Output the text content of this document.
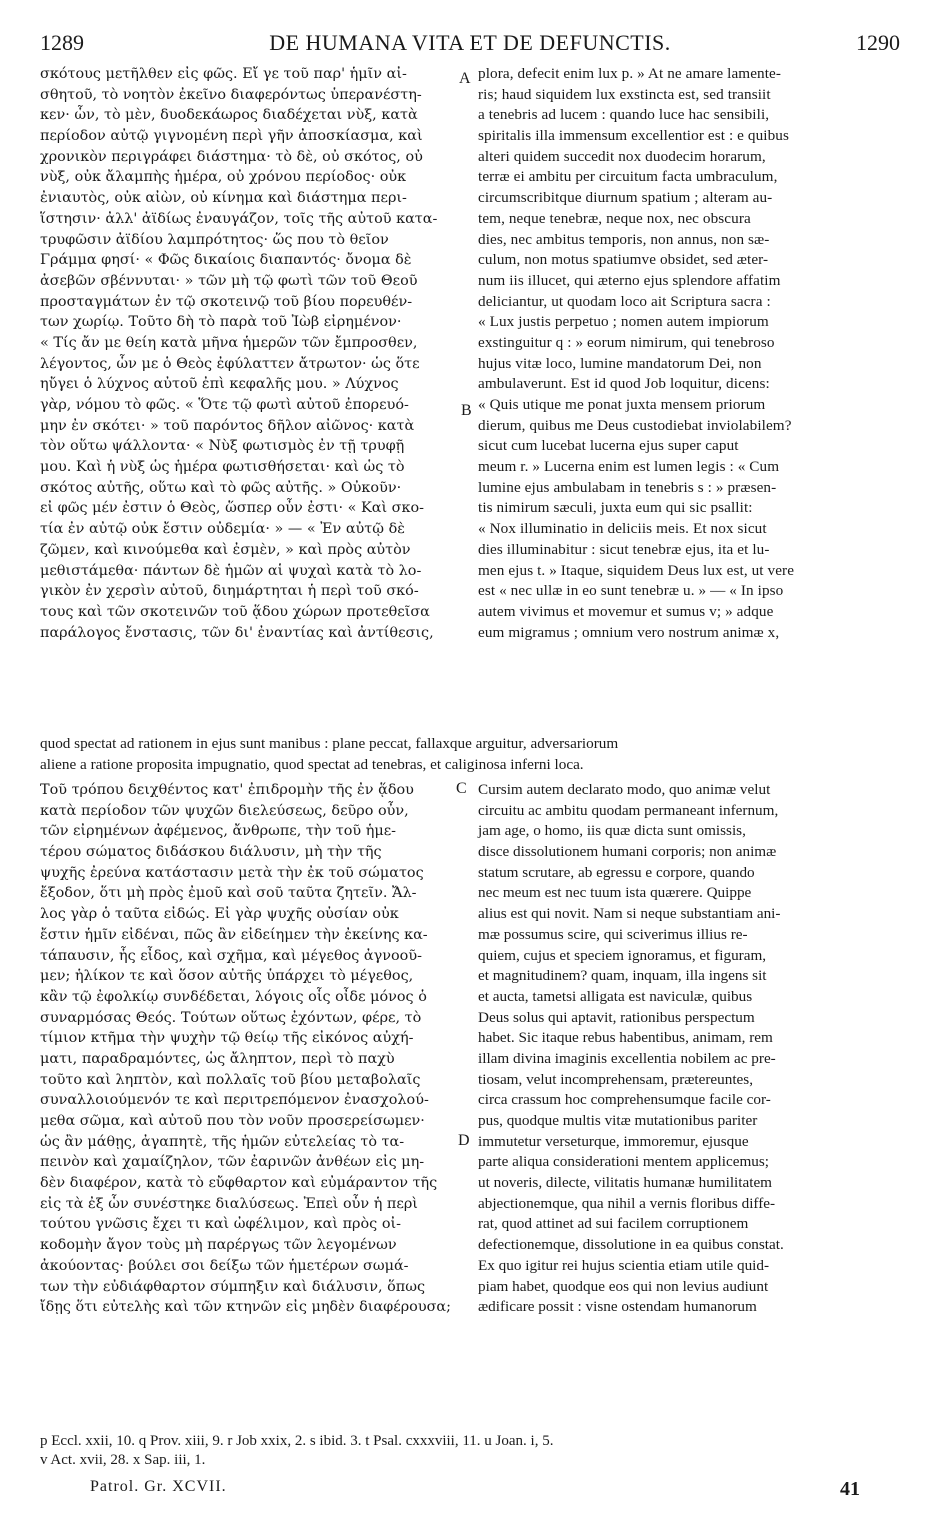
1289	DE HUMANA VITA ET DE DEFUNCTIS.	1290
σκότους μετῆλθεν εἰς φῶς. Εἴ γε τοῦ παρ' ἡμῖν αἰ-
σθητοῦ, τὸ νοητὸν ἐκεῖνο διαφερόντως ὑπερανέστη-
κεν· ὧν, τὸ μὲν, δυοδεκάωρος διαδέχεται νὺξ, κατὰ
περίοδον αὐτῷ γιγνομένη περὶ γῆν ἀποσκίασμα, καὶ
χρονικὸν περιγράφει διάστημα· τὸ δὲ, οὐ σκότος, οὐ
νὺξ, οὐκ ἄλαμπὴς ἡμέρα, οὐ χρόνου περίοδος· οὐκ
ἐνιαυτὸς, οὐκ αἰὼν, οὐ κίνημα καὶ διάστημα περι-
ἵστησιν· ἀλλ' ἀϊδίως ἐναυγάζον, τοῖς τῆς αὐτοῦ κατα-
τρυφῶσιν ἀϊδίου λαμπρότητος· ὥς που τὸ θεῖον
Γράμμα φησί· « Φῶς δικαίοις διαπαντός· ὄνομα δὲ
ἀσεβῶν σβέννυται· » τῶν μὴ τῷ φωτὶ τῶν τοῦ Θεοῦ
προσταγμάτων ἐν τῷ σκοτεινῷ τοῦ βίου πορευθέν-
των χωρίῳ. Τοῦτο δὴ τὸ παρὰ τοῦ Ἰὼβ εἰρημένον·
« Τίς ἄν με θείη κατὰ μῆνα ἡμερῶν τῶν ἔμπροσθεν,
λέγοντος, ὧν με ὁ Θεὸς ἐφύλαττεν ἄτρωτον· ὡς ὅτε
ηὔγει ὁ λύχνος αὐτοῦ ἐπὶ κεφαλῆς μου. » Λύχνος
γὰρ, νόμου τὸ φῶς. « Ὅτε τῷ φωτὶ αὐτοῦ ἐπορευό-
μην ἐν σκότει· » τοῦ παρόντος δῆλον αἰῶνος· κατὰ
τὸν οὕτω ψάλλοντα· « Νὺξ φωτισμὸς ἐν τῇ τρυφῇ
μου. Καὶ ἡ νὺξ ὡς ἡμέρα φωτισθήσεται· καὶ ὡς τὸ
σκότος αὐτῆς, οὕτω καὶ τὸ φῶς αὐτῆς. » Οὐκοῦν·
εἰ φῶς μέν ἐστιν ὁ Θεὸς, ὥσπερ οὖν ἐστι· « Καὶ σκο-
τία ἐν αὐτῷ οὐκ ἔστιν οὐδεμία· » — « Ἐν αὐτῷ δὲ
ζῶμεν, καὶ κινούμεθα καὶ ἐσμὲν, » καὶ πρὸς αὐτὸν
μεθιστάμεθα· πάντων δὲ ἡμῶν αἱ ψυχαὶ κατὰ τὸ λο-
γικὸν ἐν χερσὶν αὐτοῦ, διημάρτηται ἡ περὶ τοῦ σκό-
τους καὶ τῶν σκοτεινῶν τοῦ ᾅδου χώρων προτεθεῖσα
παράλογος ἔνστασις, τῶν δι' ἐναντίας καὶ ἀντίθεσις,
plora, defecit enim lux p. » At ne amare lamente-
ris; haud siquidem lux exstincta est, sed transiit
a tenebris ad lucem : quando luce hac sensibili,
spiritalis illa immensum excellentior est : e quibus
alteri quidem succedit nox duodecim horarum,
terræ ei ambitu per circuitum facta umbraculum,
circumscribitque diurnum spatium ; alteram au-
tem, neque tenebræ, neque nox, nec obscura
dies, nec ambitus temporis, non annus, non sæ-
culum, non motus spatiumve obsidet, sed æter-
num iis illucet, qui æterno ejus splendore affatim
deliciantur, ut quodam loco ait Scriptura sacra :
« Lux justis perpetuo ; nomen autem impiorum
exstinguitur q : » eorum nimirum, qui tenebroso
hujus vitæ loco, lumine mandatorum Dei, non
ambulaverunt. Est id quod Job loquitur, dicens:
« Quis utique me ponat juxta mensem priorum
dierum, quibus me Deus custodiebat inviolabilem?
sicut cum lucebat lucerna ejus super caput
meum r. » Lucerna enim est lumen legis : « Cum
lumine ejus ambulabam in tenebris s : » præsen-
tis nimirum sæculi, juxta eum qui sic psallit:
« Nox illuminatio in deliciis meis. Et nox sicut
dies illuminabitur : sicut tenebræ ejus, ita et lu-
men ejus t. » Itaque, siquidem Deus lux est, ut vere
est « nec ullæ in eo sunt tenebræ u. » — « In ipso
autem vivimus et movemur et sumus v; » adque
eum migramus ; omnium vero nostrum animæ x,
A
B
C
D
quod spectat ad rationem in ejus sunt manibus : plane peccat, fallaxque arguitur, adversariorum
aliene a ratione proposita impugnatio, quod spectat ad tenebras, et caliginosa inferni loca.
Τοῦ τρόπου δειχθέντος κατ' ἐπιδρομὴν τῆς ἐν ᾅδου
κατὰ περίοδον τῶν ψυχῶν διελεύσεως, δεῦρο οὖν,
τῶν εἰρημένων ἀφέμενος, ἄνθρωπε, τὴν τοῦ ἡμε-
τέρου σώματος διδάσκου διάλυσιν, μὴ τὴν τῆς
ψυχῆς ἐρεύνα κατάστασιν μετὰ τὴν ἐκ τοῦ σώματος
ἔξοδον, ὅτι μὴ πρὸς ἐμοῦ καὶ σοῦ ταῦτα ζητεῖν. Ἄλ-
λος γὰρ ὁ ταῦτα εἰδώς. Εἰ γὰρ ψυχῆς οὐσίαν οὐκ
ἔστιν ἡμῖν εἰδέναι, πῶς ἂν εἰδείημεν τὴν ἐκείνης κα-
τάπαυσιν, ἧς εἶδος, καὶ σχῆμα, καὶ μέγεθος ἀγνοοῦ-
μεν; ἡλίκον τε καὶ ὅσον αὐτῆς ὑπάρχει τὸ μέγεθος,
κἂν τῷ ἐφολκίῳ συνδέδεται, λόγοις οἷς οἶδε μόνος ὁ
συναρμόσας Θεός. Τούτων οὕτως ἐχόντων, φέρε, τὸ
τίμιον κτῆμα τὴν ψυχὴν τῷ θείῳ τῆς εἰκόνος αὐχή-
ματι, παραδραμόντες, ὡς ἄληπτον, περὶ τὸ παχὺ
τοῦτο καὶ ληπτὸν, καὶ πολλαῖς τοῦ βίου μεταβολαῖς
συναλλοιούμενόν τε καὶ περιτρεπόμενον ἐνασχολού-
μεθα σῶμα, καὶ αὐτοῦ που τὸν νοῦν προσερείσωμεν·
ὡς ἂν μάθῃς, ἀγαπητὲ, τῆς ἡμῶν εὐτελείας τὸ τα-
πεινὸν καὶ χαμαίζηλον, τῶν ἐαρινῶν ἀνθέων εἰς μη-
δὲν διαφέρον, κατὰ τὸ εὔφθαρτον καὶ εὐμάραντον τῆς
εἰς τὰ ἐξ ὧν συνέστηκε διαλύσεως. Ἐπεὶ οὖν ἡ περὶ
τούτου γνῶσις ἔχει τι καὶ ὠφέλιμον, καὶ πρὸς οἰ-
κοδομὴν ἄγον τοὺς μὴ παρέργως τῶν λεγομένων
ἀκούοντας· βούλει σοι δείξω τῶν ἡμετέρων σωμά-
των τὴν εὐδιάφθαρτον σύμπηξιν καὶ διάλυσιν, ὅπως
ἴδῃς ὅτι εὐτελὴς καὶ τῶν κτηνῶν εἰς μηδὲν διαφέρουσα;
Cursim autem declarato modo, quo animæ velut
circuitu ac ambitu quodam permaneant infernum,
jam age, o homo, iis quæ dicta sunt omissis,
disce dissolutionem humani corporis; non animæ
statum scrutare, ab egressu e corpore, quando
nec meum est nec tuum ista quærere. Quippe
alius est qui novit. Nam si neque substantiam ani-
mæ possumus scire, qui sciverimus illius re-
quiem, cujus et speciem ignoramus, et figuram,
et magnitudinem? quam, inquam, illa ingens sit
et aucta, tametsi alligata est naviculæ, quibus
Deus solus qui aptavit, rationibus perspectum
habet. Sic itaque rebus habentibus, animam, rem
illam divina imaginis excellentia nobilem ac pre-
tiosam, velut incomprehensam, prætereuntes,
circa crassum hoc comprehensumque facile cor-
pus, quodque multis vitæ mutationibus pariter
immutetur verseturque, immoremur, ejusque
parte aliqua considerationi mentem applicemus;
ut noveris, dilecte, vilitatis humanæ humilitatem
abjectionemque, qua nihil a vernis floribus diffe-
rat, quod attinet ad sui facilem corruptionem
defectionemque, dissolutione in ea quibus constat.
Ex quo igitur rei hujus scientia etiam utile quid-
piam habet, quodque eos qui non levius audiunt
ædificare possit : visne ostendam humanorum
p Eccl. xxii, 10. q Prov. xiii, 9. r Job xxix, 2. s ibid. 3. t Psal. cxxxviii, 11. u Joan. i, 5.
v Act. xvii, 28. x Sap. iii, 1.
Patrol. Gr. XCVII.	41
